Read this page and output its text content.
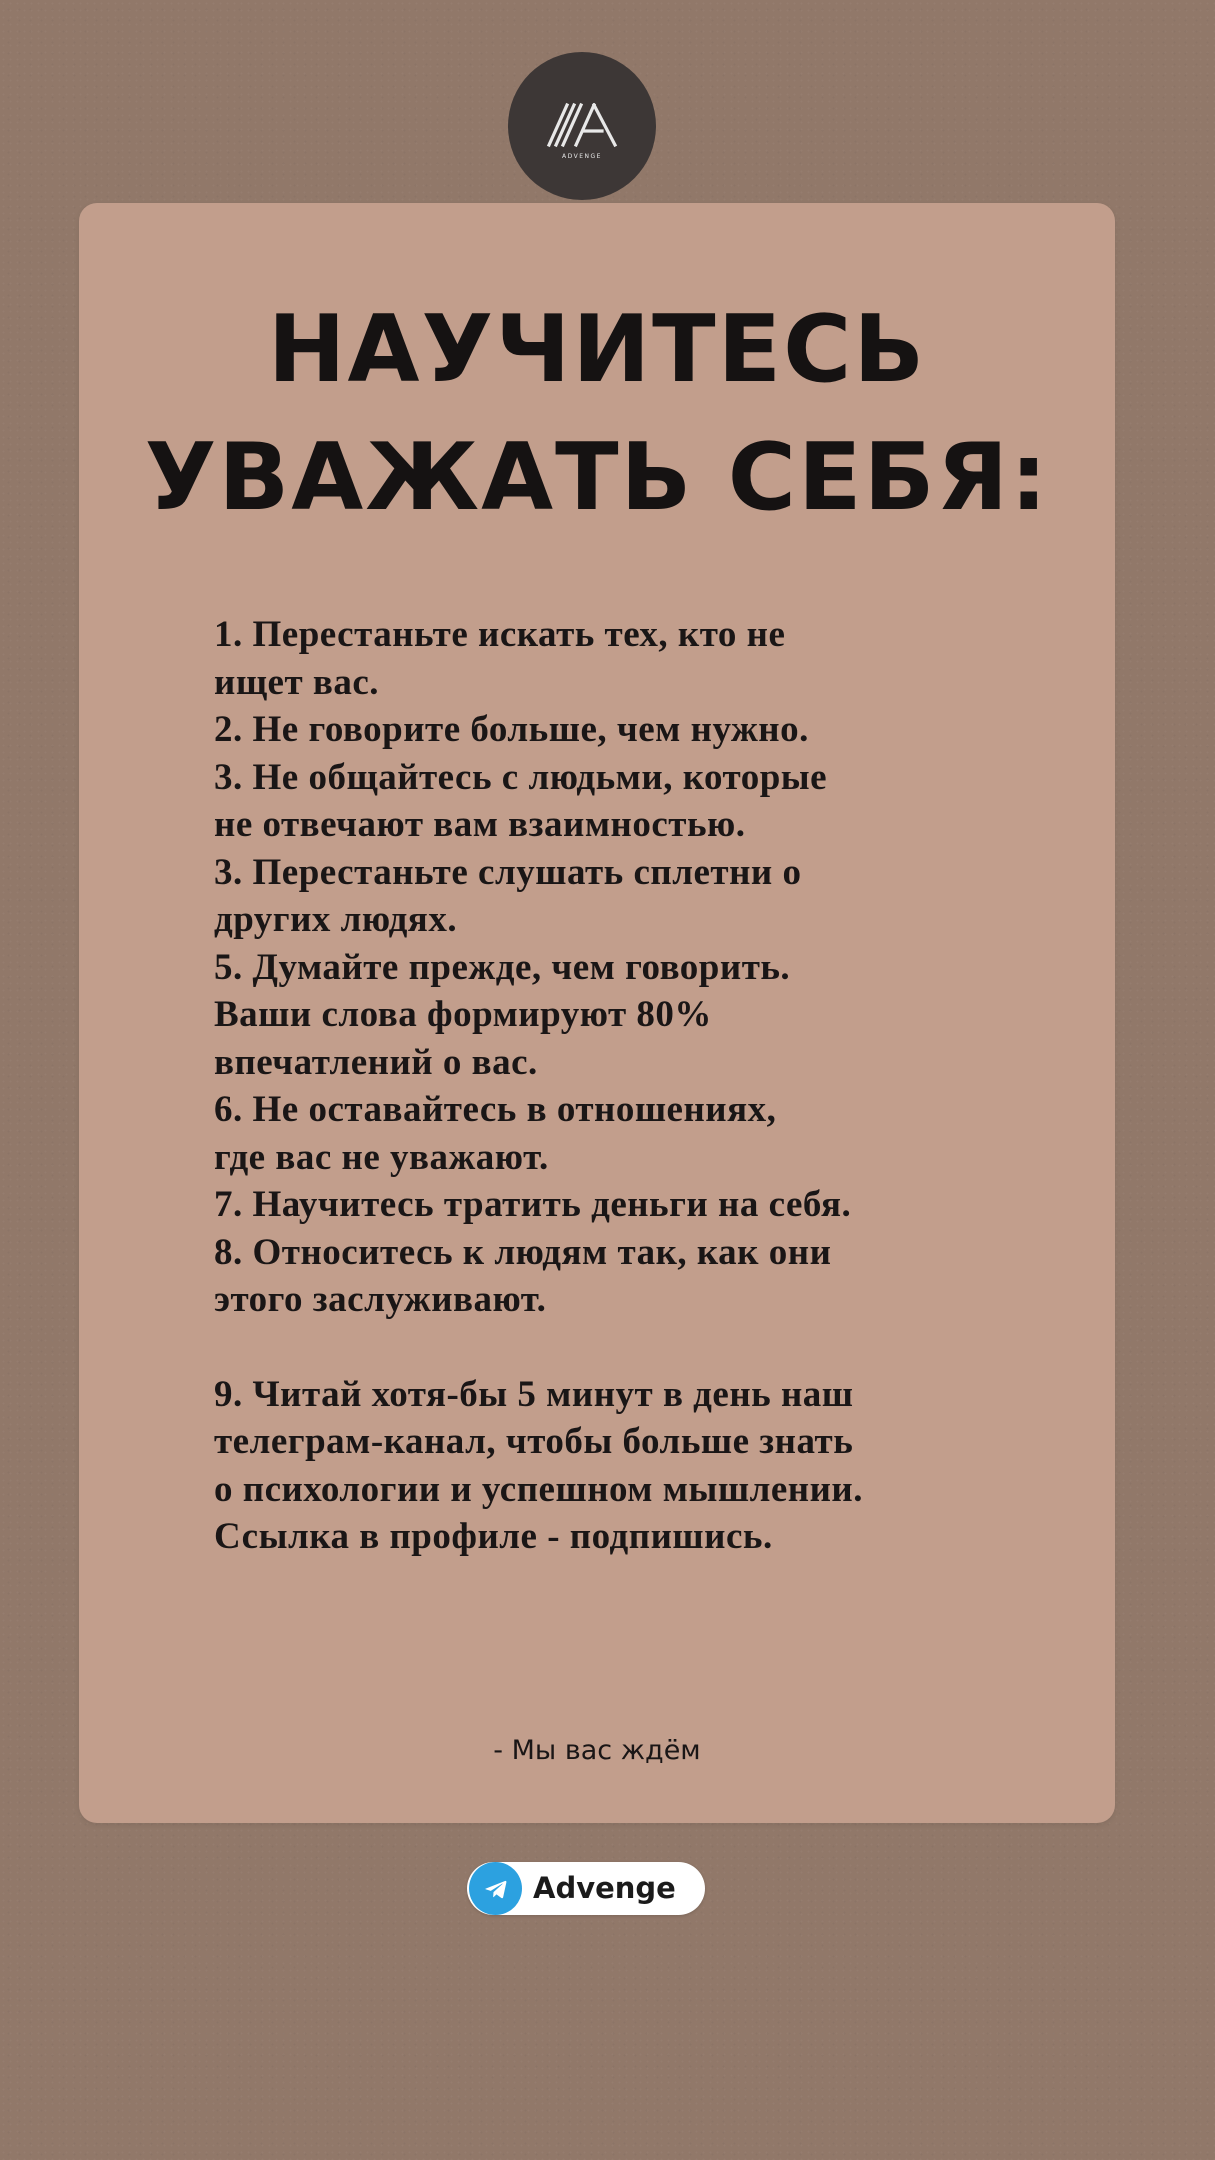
ADVENGE
НАУЧИТЕСЬ
УВАЖАТЬ СЕБЯ:
1. Перестаньте искать тех, кто не
ищет вас.
2. Не говорите больше, чем нужно.
3. Не общайтесь с людьми, которые
не отвечают вам взаимностью.
3. Перестаньте слушать сплетни о
других людях.
5. Думайте прежде, чем говорить.
Ваши слова формируют 80%
впечатлений о вас.
6. Не оставайтесь в отношениях,
где вас не уважают.
7. Научитесь тратить деньги на себя.
8. Относитесь к людям так, как они
этого заслуживают.
9. Читай хотя-бы 5 минут в день наш
телеграм-канал, чтобы больше знать
о психологии и успешном мышлении.
Ссылка в профиле - подпишись.
- Мы вас ждём
Advenge
